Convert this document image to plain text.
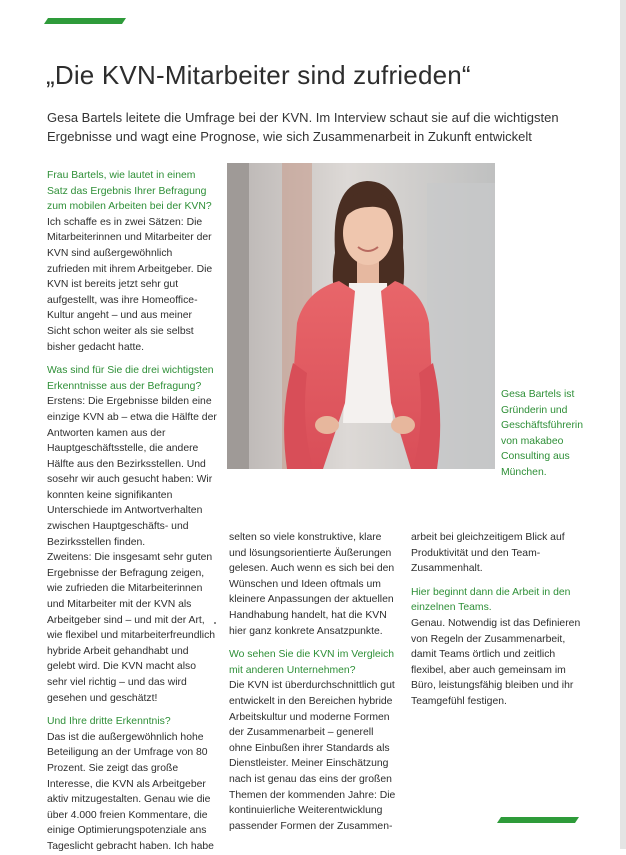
„Die KVN-Mitarbeiter sind zufrieden“

Gesa Bartels leitete die Umfrage bei der KVN. Im Interview schaut sie auf die wichtigsten Ergebnisse und wagt eine Prognose, wie sich Zusammenarbeit in Zukunft entwickelt

Frau Bartels, wie lautet in einem Satz das Ergebnis Ihrer Befragung zum mobilen Arbeiten bei der KVN?
Ich schaffe es in zwei Sätzen: Die Mitarbeiterinnen und Mitarbeiter der KVN sind außergewöhnlich zufrieden mit ihrem Arbeitgeber. Die KVN ist bereits jetzt sehr gut aufgestellt, was ihre Homeoffice-Kultur angeht – und aus meiner Sicht schon weiter als sie selbst bisher gedacht hatte.
Was sind für Sie die drei wichtigsten Erkenntnisse aus der Befragung?
Erstens: Die Ergebnisse bilden eine einzige KVN ab – etwa die Hälfte der Antworten kamen aus der Hauptgeschäftsstelle, die andere Hälfte aus den Bezirksstellen. Und sosehr wir auch gesucht haben: Wir konnten keine signifikanten Unterschiede im Antwortverhalten zwischen Hauptgeschäfts- und Bezirksstellen finden.
Zweitens: Die insgesamt sehr guten Ergebnisse der Befragung zeigen, wie zufrieden die Mitarbeiterinnen und Mitarbeiter mit der KVN als Arbeitgeber sind – und mit der Art, wie flexibel und mitarbeiterfreundlich hybride Arbeit gehandhabt und gelebt wird. Die KVN macht also sehr viel richtig – und das wird gesehen und geschätzt!
Und Ihre dritte Erkenntnis?
Das ist die außergewöhnlich hohe Beteiligung an der Umfrage von 80 Prozent. Sie zeigt das große Interesse, die KVN als Arbeitgeber aktiv mitzugestalten. Genau wie die über 4.000 freien Kommentare, die einige Optimierungspotenziale ans Tageslicht gebracht haben. Ich habe
Gesa Bartels ist Gründerin und Geschäftsführerin von makabeo Consulting aus München.
selten so viele konstruktive, klare und lösungsorientierte Äußerungen gelesen. Auch wenn es sich bei den Wünschen und Ideen oftmals um kleinere Anpassungen der aktuellen Handhabung handelt, hat die KVN hier ganz konkrete Ansatzpunkte.
Wo sehen Sie die KVN im Vergleich mit anderen Unternehmen?
Die KVN ist überdurchschnittlich gut entwickelt in den Bereichen hybride Arbeitskultur und moderne Formen der Zusammenarbeit – generell ohne Einbußen ihrer Standards als Dienstleister. Meiner Einschätzung nach ist genau das eins der großen Themen der kommenden Jahre: Die kontinuierliche Weiterentwicklung passender Formen der Zusammen-
arbeit bei gleichzeitigem Blick auf Produktivität und den Team-Zusammenhalt.
Hier beginnt dann die Arbeit in den einzelnen Teams.
Genau. Notwendig ist das Definieren von Regeln der Zusammenarbeit, damit Teams örtlich und zeitlich flexibel, aber auch gemeinsam im Büro, leistungsfähig bleiben und ihr Teamgefühl festigen.
